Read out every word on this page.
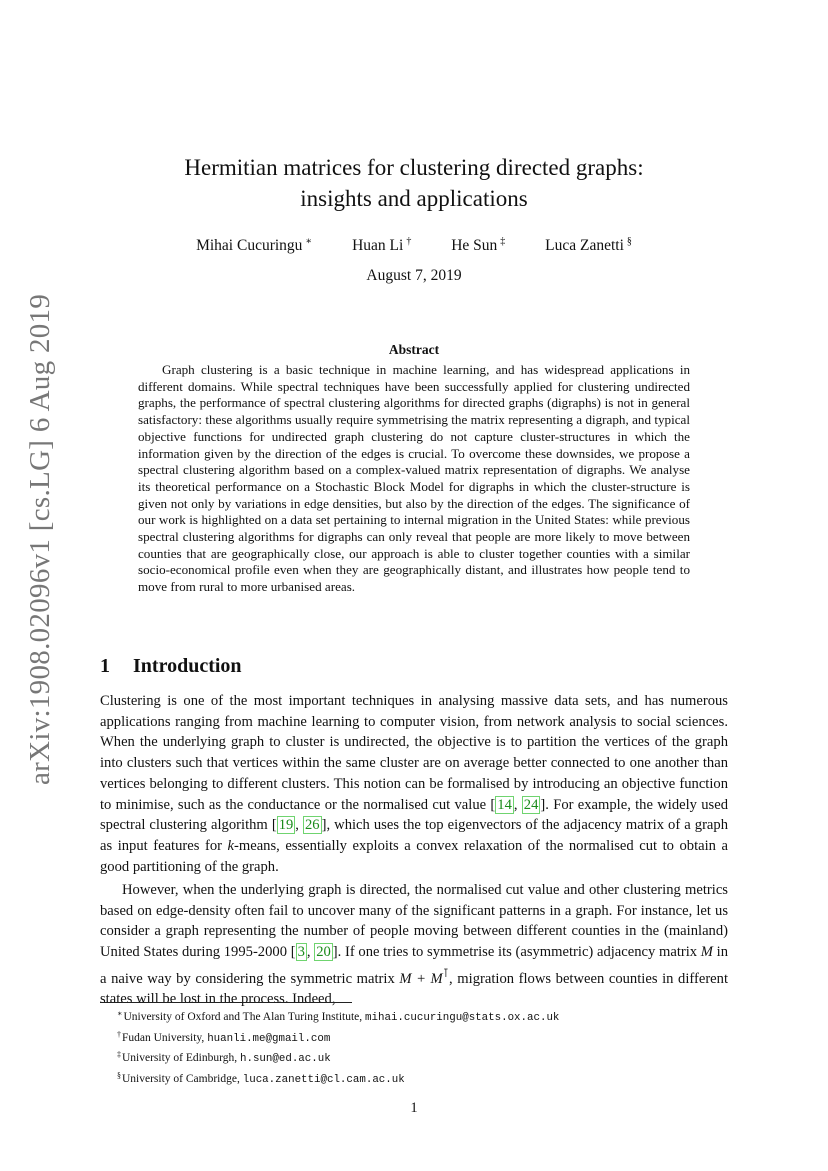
arXiv:1908.02096v1 [cs.LG] 6 Aug 2019
Hermitian matrices for clustering directed graphs:
insights and applications
Mihai Cucuringu ∗	Huan Li †	He Sun ‡	Luca Zanetti §
August 7, 2019
Abstract
Graph clustering is a basic technique in machine learning, and has widespread applications in different domains. While spectral techniques have been successfully applied for clustering undirected graphs, the performance of spectral clustering algorithms for directed graphs (digraphs) is not in general satisfactory: these algorithms usually require symmetrising the matrix representing a digraph, and typical objective functions for undirected graph clustering do not capture cluster-structures in which the information given by the direction of the edges is crucial. To overcome these downsides, we propose a spectral clustering algorithm based on a complex-valued matrix representation of digraphs. We analyse its theoretical performance on a Stochastic Block Model for digraphs in which the cluster-structure is given not only by variations in edge densities, but also by the direction of the edges. The significance of our work is highlighted on a data set pertaining to internal migration in the United States: while previous spectral clustering algorithms for digraphs can only reveal that people are more likely to move between counties that are geographically close, our approach is able to cluster together counties with a similar socio-economical profile even when they are geographically distant, and illustrates how people tend to move from rural to more urbanised areas.
1 Introduction
Clustering is one of the most important techniques in analysing massive data sets, and has numerous applications ranging from machine learning to computer vision, from network analysis to social sciences. When the underlying graph to cluster is undirected, the objective is to partition the vertices of the graph into clusters such that vertices within the same cluster are on average better connected to one another than vertices belonging to different clusters. This notion can be formalised by introducing an objective function to minimise, such as the conductance or the normalised cut value [ 14 , 24 ]. For example, the widely used spectral clustering algorithm [ 19 , 26 ], which uses the top eigenvectors of the adjacency matrix of a graph as input features for k-means, essentially exploits a convex relaxation of the normalised cut to obtain a good partitioning of the graph.
However, when the underlying graph is directed, the normalised cut value and other clustering metrics based on edge-density often fail to uncover many of the significant patterns in a graph. For instance, let us consider a graph representing the number of people moving between different counties in the (mainland) United States during 1995-2000 [ 3 , 20 ]. If one tries to symmetrise its (asymmetric) adjacency matrix M in a naive way by considering the symmetric matrix M + M⊺, migration flows between counties in different states will be lost in the process. Indeed,
∗University of Oxford and The Alan Turing Institute, mihai.cucuringu@stats.ox.ac.uk
†Fudan University, huanli.me@gmail.com
‡University of Edinburgh, h.sun@ed.ac.uk
§University of Cambridge, luca.zanetti@cl.cam.ac.uk
1
